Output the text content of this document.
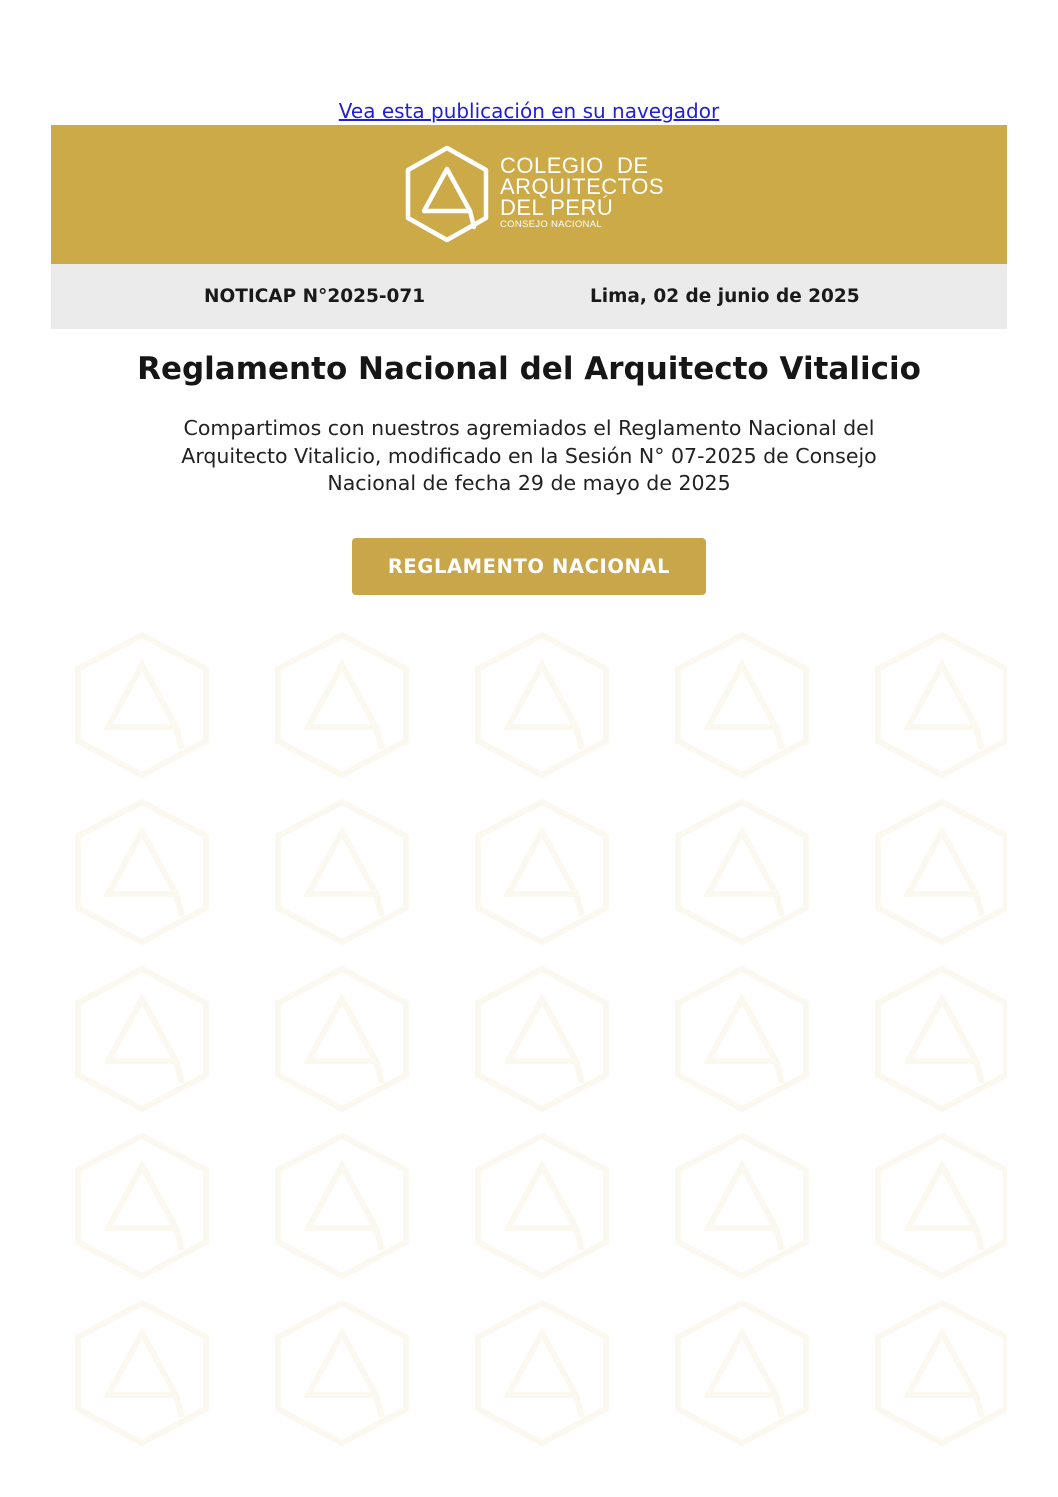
Vea esta publicación en su navegador
COLEGIO  DE
ARQUITECTOS
DEL PERÚ
CONSEJO NACIONAL
NOTICAP N°2025-071	Lima, 02 de junio de 2025
Reglamento Nacional del Arquitecto Vitalicio
Compartimos con nuestros agremiados el Reglamento Nacional del
Arquitecto Vitalicio, modificado en la Sesión N° 07-2025 de Consejo
Nacional de fecha 29 de mayo de 2025
REGLAMENTO NACIONAL
